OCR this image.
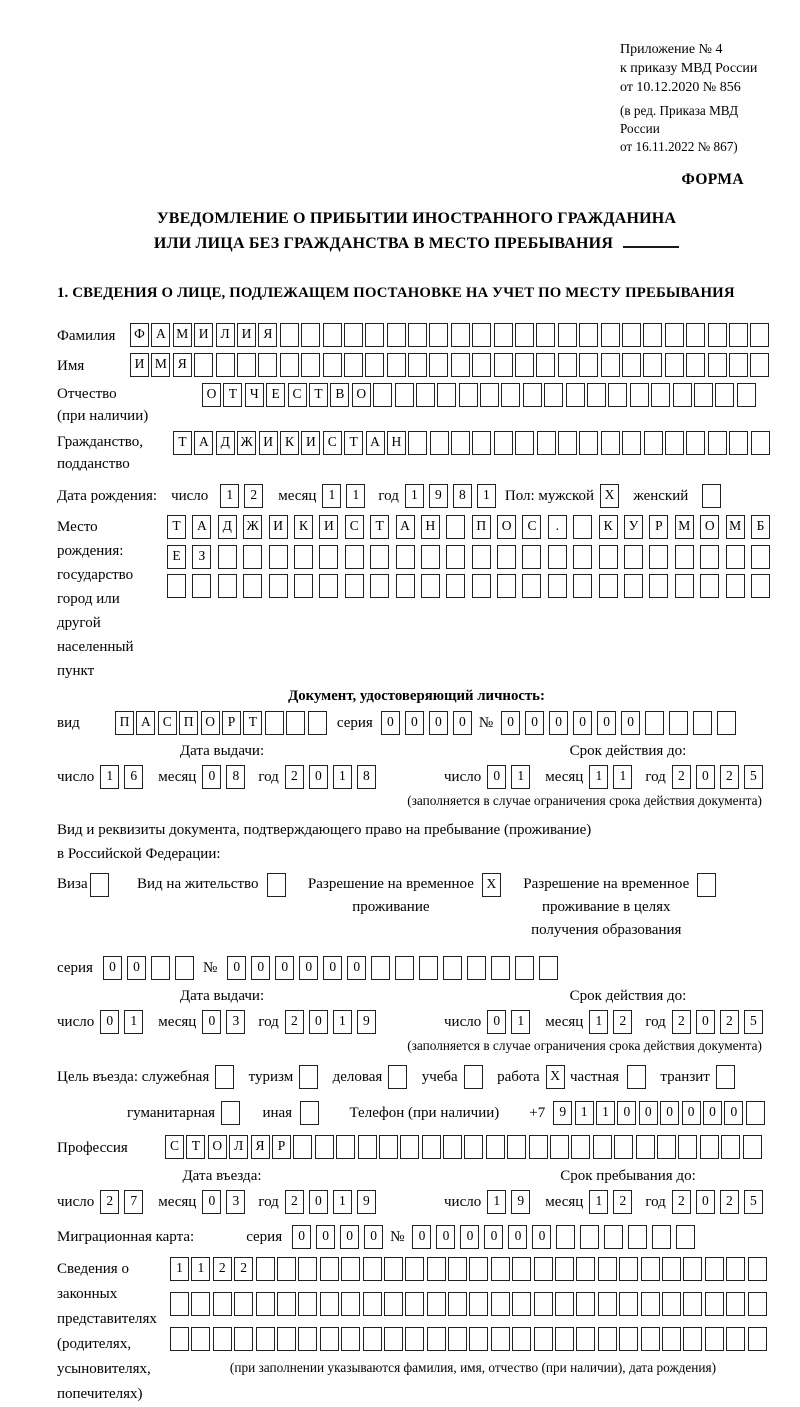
Приложение № 4
к приказу МВД России
от 10.12.2020 № 856
(в ред. Приказа МВД России
от 16.11.2022 № 867)
ФОРМА
УВЕДОМЛЕНИЕ О ПРИБЫТИИ ИНОСТРАННОГО ГРАЖДАНИНА
ИЛИ ЛИЦА БЕЗ ГРАЖДАНСТВА В МЕСТО ПРЕБЫВАНИЯ
1. СВЕДЕНИЯ О ЛИЦЕ, ПОДЛЕЖАЩЕМ ПОСТАНОВКЕ НА УЧЕТ ПО МЕСТУ ПРЕБЫВАНИЯ
Фамилия	Ф А М И Л И Я
Имя	И М Я
Отчество
(при наличии)
О Т Ч Е С Т В О
Гражданство,
подданство
Т А Д Ж И К И С Т А Н
Дата рождения: число	1	2	месяц 1	1	год 1	9	8	1	Пол: мужской X	женский
Место рождения:
государство
город или другой
населенный пункт
Т	А	Д	Ж	И	К	И	С	Т	А	Н	П	О	С	.	К	У	Р	М	О	М	Б
Е	З
Документ, удостоверяющий личность:
вид	П А С П О Р	Т	серия	0	0	0	0 №	0	0	0	0	0	0
Дата выдачи:
число 1	6	месяц 0	8	год 2	0	1	8
Срок действия до:
число 0	1	месяц 1	1	год 2	0	2	5
(заполняется в случае ограничения срока действия документа)
Вид и реквизиты документа, подтверждающего право на пребывание (проживание)
в Российской Федерации:
Виза	Вид на жительство	Разрешение на временное
проживание
X	Разрешение на временное
проживание в целях
получения образования
серия	0	0	№	0	0	0	0	0	0
Дата выдачи:
число 0	1	месяц 0	3	год 2	0	1	9
Срок действия до:
число 0	1	месяц 1	2	год 2	0	2	5
(заполняется в случае ограничения срока действия документа)
Цель въезда: служебная	туризм	деловая	учеба	работа X частная	транзит
гуманитарная	иная	Телефон (при наличии) +7	9	1	1	0	0	0	0	0	0
Профессия	С Т О Л Я Р
Дата въезда:
число 2	7	месяц 0	3	год 2	0	1	9
Срок пребывания до:
число 1	9	месяц 1	2	год 2	0	2	5
Миграционная карта:	серия	0	0	0	0 №	0	0	0	0	0	0
Сведения о
законных
представителях
(родителях,
усыновителях,
попечителях)
1	1	2	2
(при заполнении указываются фамилия, имя, отчество (при наличии), дата рождения)
